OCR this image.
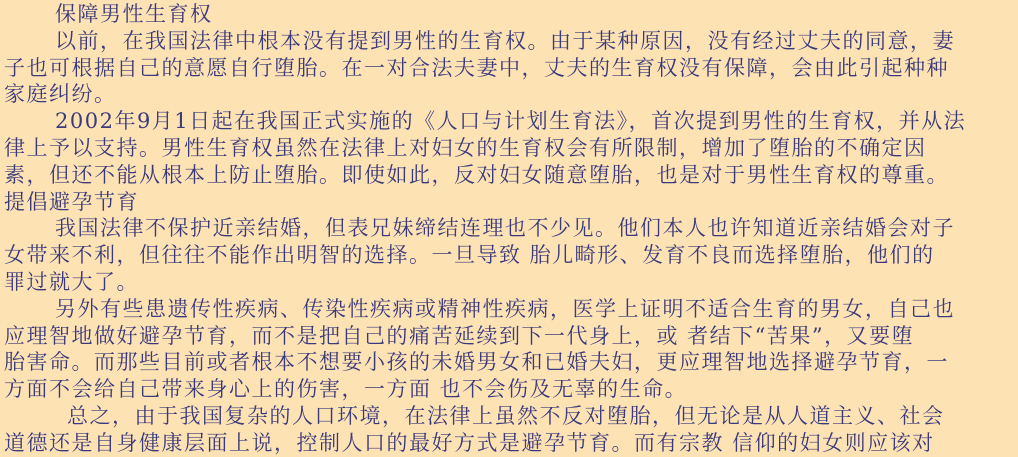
保障男性生育权
以前，在我国法律中根本没有提到男性的生育权。由于某种原因，没有经过丈夫的同意，妻
子也可根据自己的意愿自行堕胎。在一对合法夫妻中，丈夫的生育权没有保障，会由此引起种种
家庭纠纷。
2002年9月1日起在我国正式实施的《人口与计划生育法》，首次提到男性的生育权，并从法
律上予以支持。男性生育权虽然在法律上对妇女的生育权会有所限制，增加了堕胎的不确定因
素，但还不能从根本上防止堕胎。即使如此，反对妇女随意堕胎，也是对于男性生育权的尊重。
提倡避孕节育
我国法律不保护近亲结婚，但表兄妹缔结连理也不少见。他们本人也许知道近亲结婚会对子
女带来不利，但往往不能作出明智的选择。一旦导致 胎儿畸形、发育不良而选择堕胎，他们的
罪过就大了。
另外有些患遗传性疾病、传染性疾病或精神性疾病，医学上证明不适合生育的男女，自己也
应理智地做好避孕节育，而不是把自己的痛苦延续到下一代身上，或 者结下“苦果”，又要堕
胎害命。而那些目前或者根本不想要小孩的未婚男女和已婚夫妇，更应理智地选择避孕节育，一
方面不会给自己带来身心上的伤害，一方面 也不会伤及无辜的生命。
总之，由于我国复杂的人口环境，在法律上虽然不反对堕胎，但无论是从人道主义、社会
道德还是自身健康层面上说，控制人口的最好方式是避孕节育。而有宗教 信仰的妇女则应该对
